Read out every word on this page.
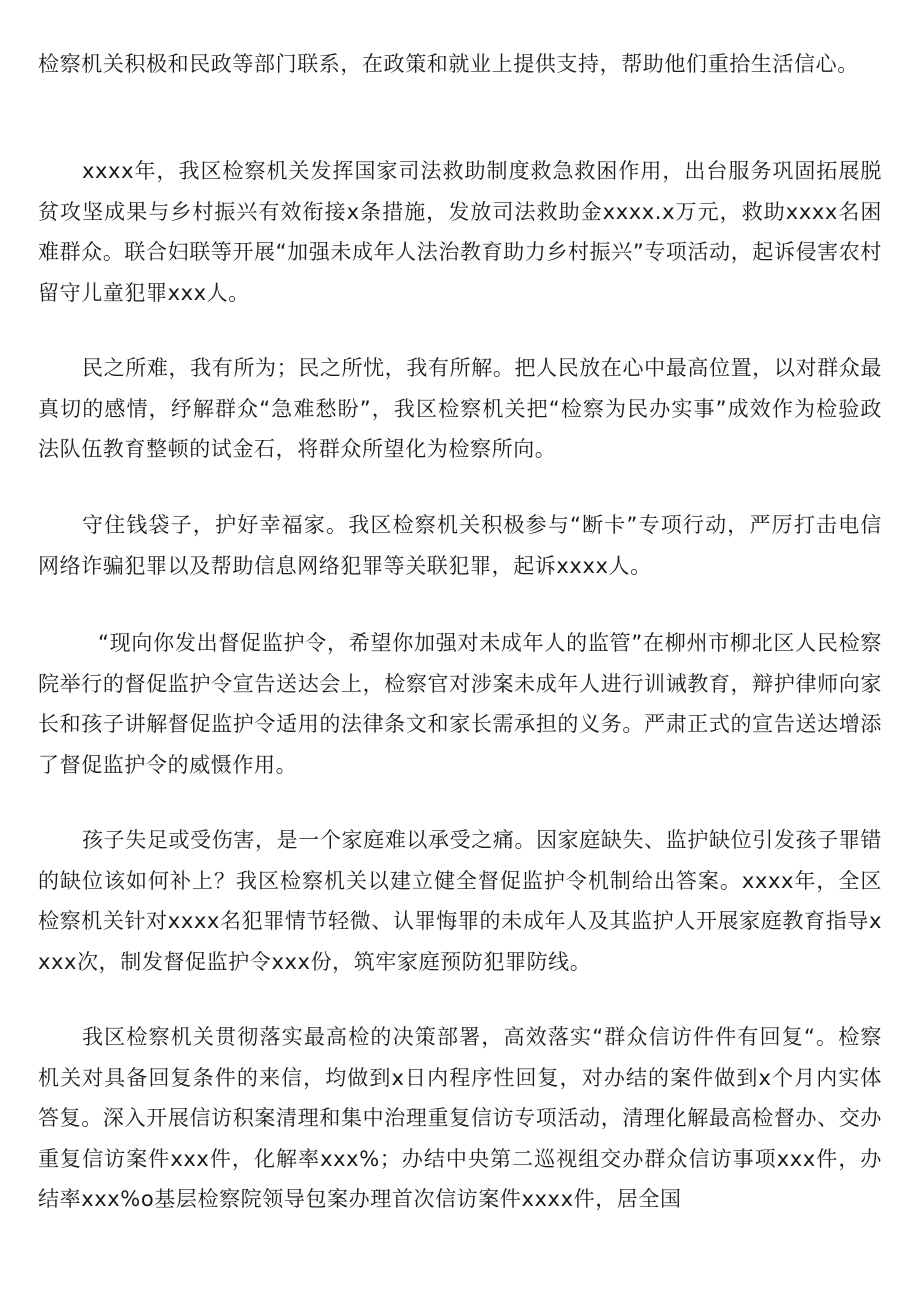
检察机关积极和民政等部门联系，在政策和就业上提供支持，帮助他们重拾生活信心。

xxxx年，我区检察机关发挥国家司法救助制度救急救困作用，出台服务巩固拓展脱贫攻坚成果与乡村振兴有效衔接x条措施，发放司法救助金xxxx.x万元，救助xxxx名困难群众。联合妇联等开展“加强未成年人法治教育助力乡村振兴”专项活动，起诉侵害农村留守儿童犯罪xxx人。

民之所难，我有所为；民之所忧，我有所解。把人民放在心中最高位置，以对群众最真切的感情，纾解群众“急难愁盼”，我区检察机关把“检察为民办实事”成效作为检验政法队伍教育整顿的试金石，将群众所望化为检察所向。

守住钱袋子，护好幸福家。我区检察机关积极参与“断卡”专项行动，严厉打击电信网络诈骗犯罪以及帮助信息网络犯罪等关联犯罪，起诉xxxx人。

“现向你发出督促监护令，希望你加强对未成年人的监管”在柳州市柳北区人民检察院举行的督促监护令宣告送达会上，检察官对涉案未成年人进行训诫教育，辩护律师向家长和孩子讲解督促监护令适用的法律条文和家长需承担的义务。严肃正式的宣告送达增添了督促监护令的威慑作用。

孩子失足或受伤害，是一个家庭难以承受之痛。因家庭缺失、监护缺位引发孩子罪错的缺位该如何补上？我区检察机关以建立健全督促监护令机制给出答案。xxxx年，全区检察机关针对xxxx名犯罪情节轻微、认罪悔罪的未成年人及其监护人开展家庭教育指导xxxx次，制发督促监护令xxx份，筑牢家庭预防犯罪防线。

我区检察机关贯彻落实最高检的决策部署，高效落实“群众信访件件有回复“。检察机关对具备回复条件的来信，均做到x日内程序性回复，对办结的案件做到x个月内实体答复。深入开展信访积案清理和集中治理重复信访专项活动，清理化解最高检督办、交办重复信访案件xxx件，化解率xxx%；办结中央第二巡视组交办群众信访事项xxx件，办结率xxx%o基层检察院领导包案办理首次信访案件xxxx件，居全国
